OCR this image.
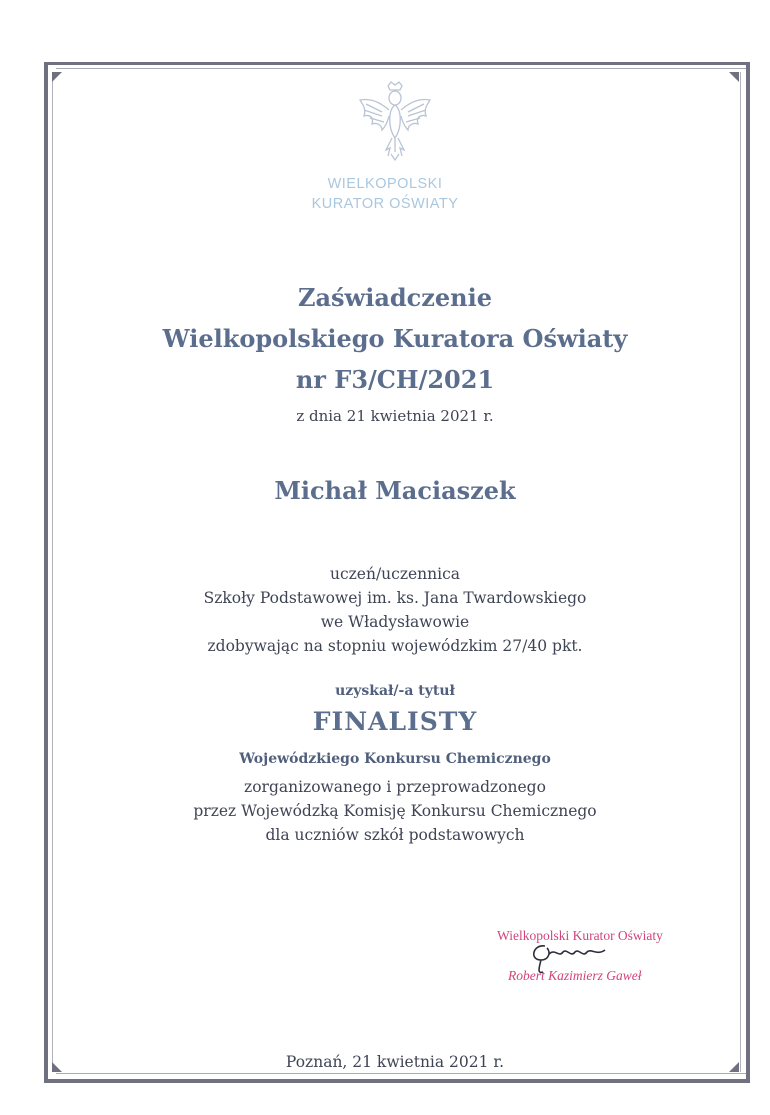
WIELKOPOLSKI
KURATOR OŚWIATY
Zaświadczenie
Wielkopolskiego Kuratora Oświaty
nr F3/CH/2021
z dnia 21 kwietnia 2021 r.
Michał Maciaszek
uczeń/uczennica
Szkoły Podstawowej im. ks. Jana Twardowskiego
we Władysławowie
zdobywając na stopniu wojewódzkim 27/40 pkt.
uzyskał/-a tytuł
FINALISTY
Wojewódzkiego Konkursu Chemicznego
zorganizowanego i przeprowadzonego
przez Wojewódzką Komisję Konkursu Chemicznego
dla uczniów szkół podstawowych
Wielkopolski Kurator Oświaty
Robert Kazimierz Gaweł
Poznań, 21 kwietnia 2021 r.
